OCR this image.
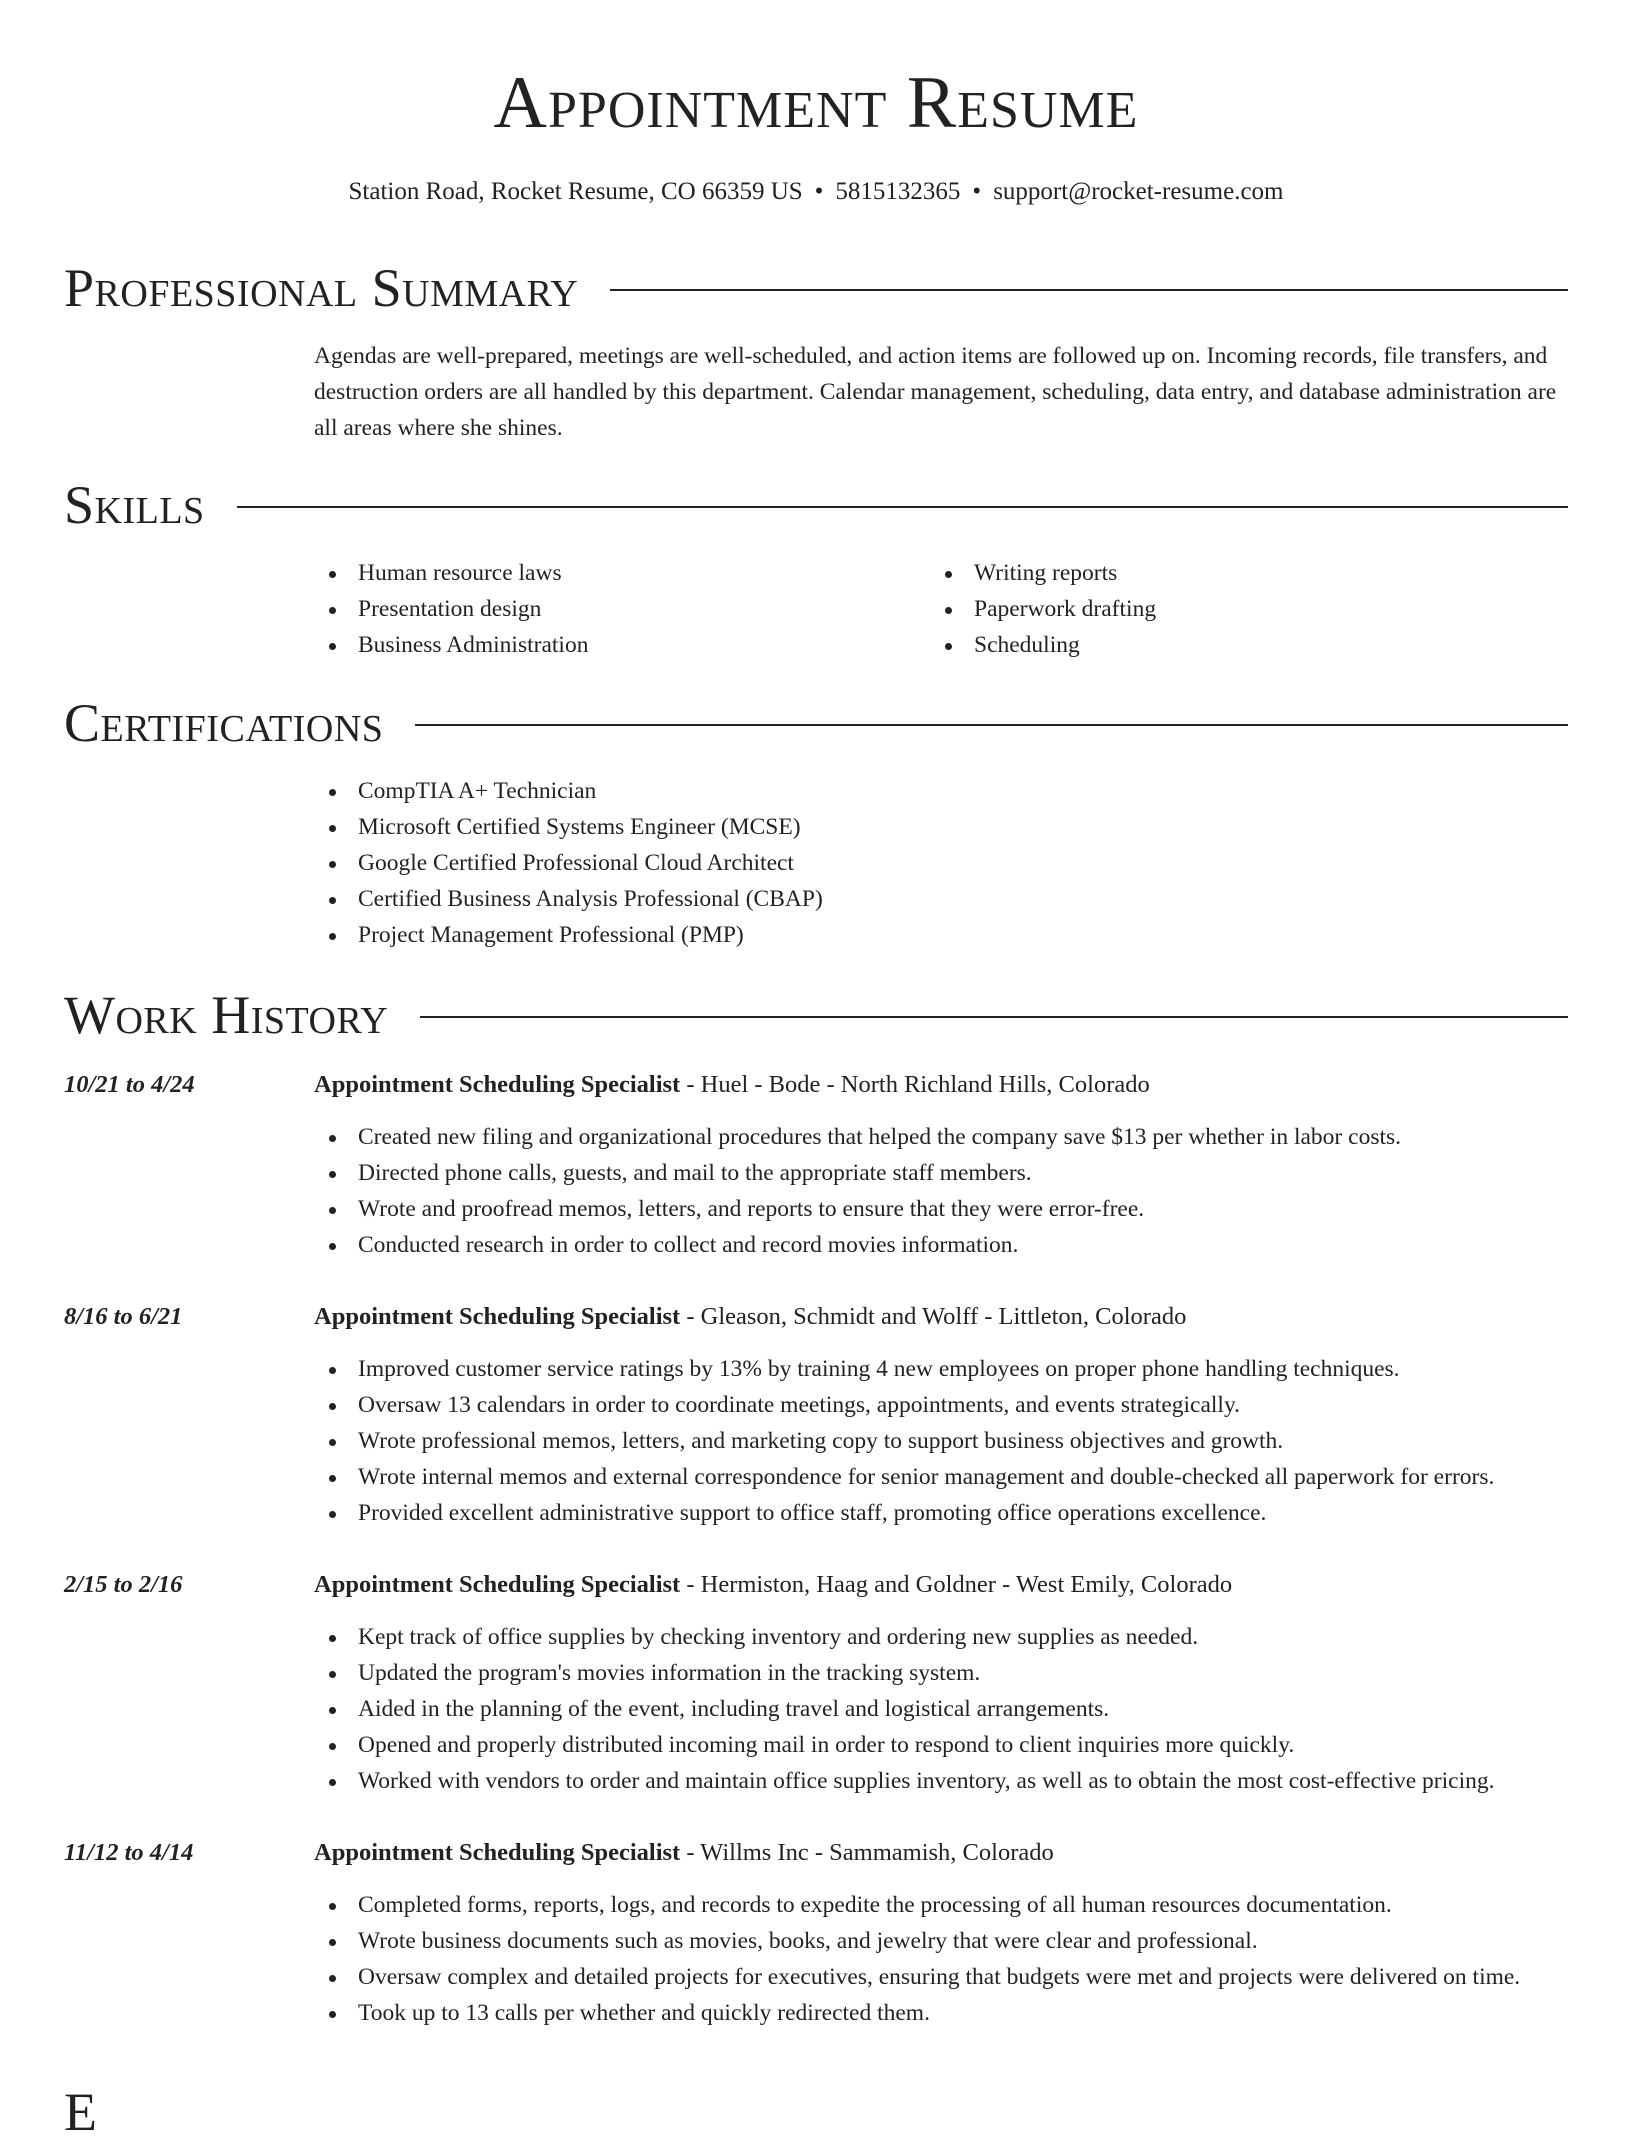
Appointment Resume
Station Road, Rocket Resume, CO 66359 US • 5815132365 • support@rocket-resume.com
Professional Summary

Agendas are well-prepared, meetings are well-scheduled, and action items are followed up on. Incoming records, file transfers, and destruction orders are all handled by this department. Calendar management, scheduling, data entry, and database administration are all areas where she shines.

Skills
Human resource laws
Presentation design
Business Administration
Writing reports
Paperwork drafting
Scheduling
Certifications
CompTIA A+ Technician
Microsoft Certified Systems Engineer (MCSE)
Google Certified Professional Cloud Architect
Certified Business Analysis Professional (CBAP)
Project Management Professional (PMP)
Work History
10/21 to 4/24	Appointment Scheduling Specialist - Huel - Bode - North Richland Hills, Colorado
Created new filing and organizational procedures that helped the company save $13 per whether in labor costs.
Directed phone calls, guests, and mail to the appropriate staff members.
Wrote and proofread memos, letters, and reports to ensure that they were error-free.
Conducted research in order to collect and record movies information.
8/16 to 6/21	Appointment Scheduling Specialist - Gleason, Schmidt and Wolff - Littleton, Colorado
Improved customer service ratings by 13% by training 4 new employees on proper phone handling techniques.
Oversaw 13 calendars in order to coordinate meetings, appointments, and events strategically.
Wrote professional memos, letters, and marketing copy to support business objectives and growth.
Wrote internal memos and external correspondence for senior management and double-checked all paperwork for errors.
Provided excellent administrative support to office staff, promoting office operations excellence.
2/15 to 2/16	Appointment Scheduling Specialist - Hermiston, Haag and Goldner - West Emily, Colorado
Kept track of office supplies by checking inventory and ordering new supplies as needed.
Updated the program's movies information in the tracking system.
Aided in the planning of the event, including travel and logistical arrangements.
Opened and properly distributed incoming mail in order to respond to client inquiries more quickly.
Worked with vendors to order and maintain office supplies inventory, as well as to obtain the most cost-effective pricing.
11/12 to 4/14	Appointment Scheduling Specialist - Willms Inc - Sammamish, Colorado
Completed forms, reports, logs, and records to expedite the processing of all human resources documentation.
Wrote business documents such as movies, books, and jewelry that were clear and professional.
Oversaw complex and detailed projects for executives, ensuring that budgets were met and projects were delivered on time.
Took up to 13 calls per whether and quickly redirected them.
E
